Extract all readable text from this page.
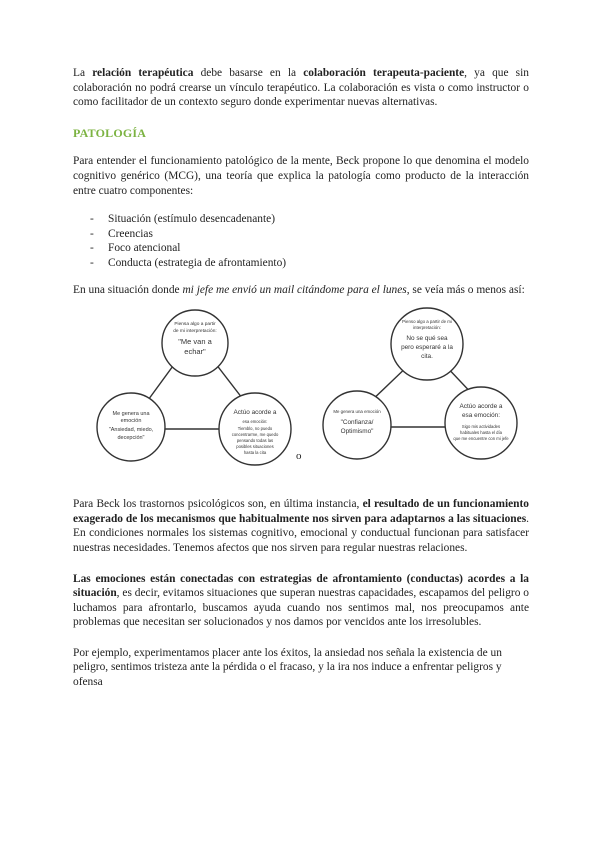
La relación terapéutica debe basarse en la colaboración terapeuta-paciente, ya que sin colaboración no podrá crearse un vínculo terapéutico. La colaboración es vista o como instructor o como facilitador de un contexto seguro donde experimentar nuevas alternativas.

PATOLOGÍA

Para entender el funcionamiento patológico de la mente, Beck propone lo que denomina el modelo cognitivo genérico (MCG), una teoría que explica la patología como producto de la interacción entre cuatro componentes:

- Situación (estímulo desencadenante)
- Creencias
- Foco atencional
- Conducta (estrategia de afrontamiento)

En una situación donde mi jefe me envió un mail citándome para el lunes, se veía más o menos así:

Piensa algo a partir de mi interpretación:
"Me van a echar"
Me genera una emoción "Ansiedad, miedo, decepción"
Actúo acorde a
esa emoción: Tiemblo, no puedo concentrarme, me quedo pensando todas las posibles situaciones hasta la cita	o
Pienso algo a partir de mi interpretación:
No se qué sea pero esperaré a la cita.
Me genera una emoción
"Confianza/ Optimismo"
Actúo acorde a esa emoción:
Sigo mis actividades habituales hasta el día que me encuentre con mi jefe

Para Beck los trastornos psicológicos son, en última instancia, el resultado de un funcionamiento exagerado de los mecanismos que habitualmente nos sirven para adaptarnos a las situaciones. En condiciones normales los sistemas cognitivo, emocional y conductual funcionan para satisfacer nuestras necesidades. Tenemos afectos que nos sirven para regular nuestras relaciones.

Las emociones están conectadas con estrategias de afrontamiento (conductas) acordes a la situación, es decir, evitamos situaciones que superan nuestras capacidades, escapamos del peligro o luchamos para afrontarlo, buscamos ayuda cuando nos sentimos mal, nos preocupamos ante problemas que necesitan ser solucionados y nos damos por vencidos ante los irresolubles.

Por ejemplo, experimentamos placer ante los éxitos, la ansiedad nos señala la existencia de un peligro, sentimos tristeza ante la pérdida o el fracaso, y la ira nos induce a enfrentar peligros y ofensa
